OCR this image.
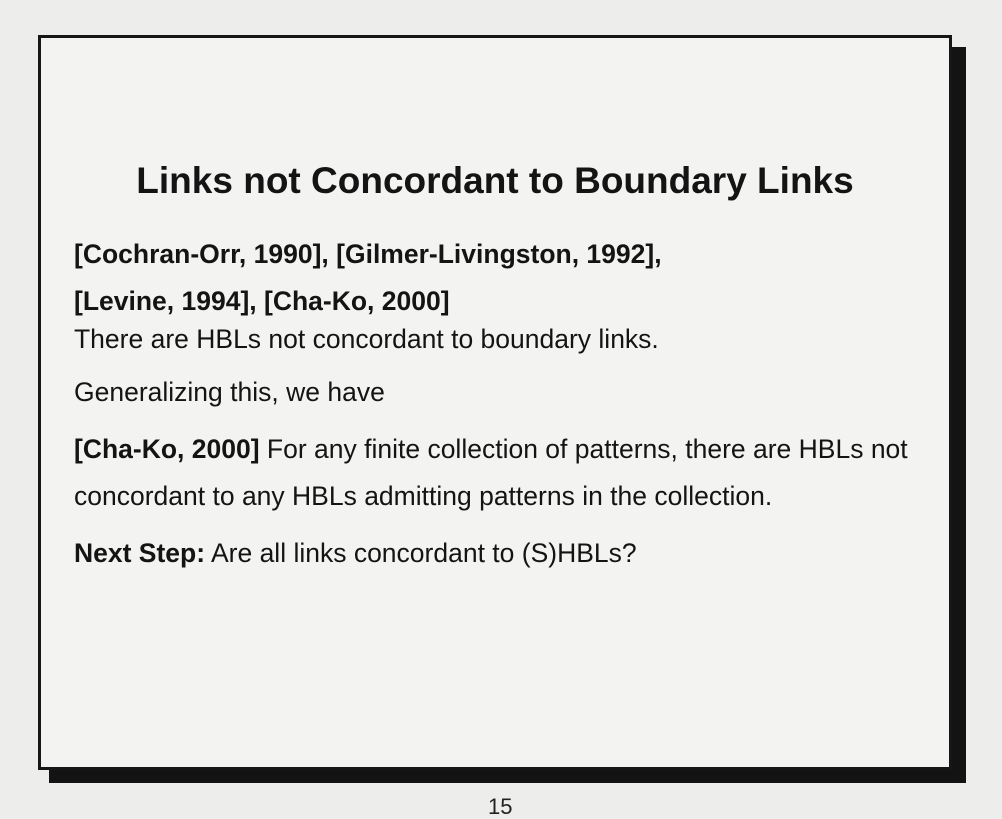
Links not Concordant to Boundary Links

[Cochran-Orr, 1990], [Gilmer-Livingston, 1992],

[Levine, 1994], [Cha-Ko, 2000]

There are HBLs not concordant to boundary links.

Generalizing this, we have

[Cha-Ko, 2000] For any finite collection of patterns, there are HBLs not concordant to any HBLs admitting patterns in the collection.

Next Step: Are all links concordant to (S)HBLs?

15
